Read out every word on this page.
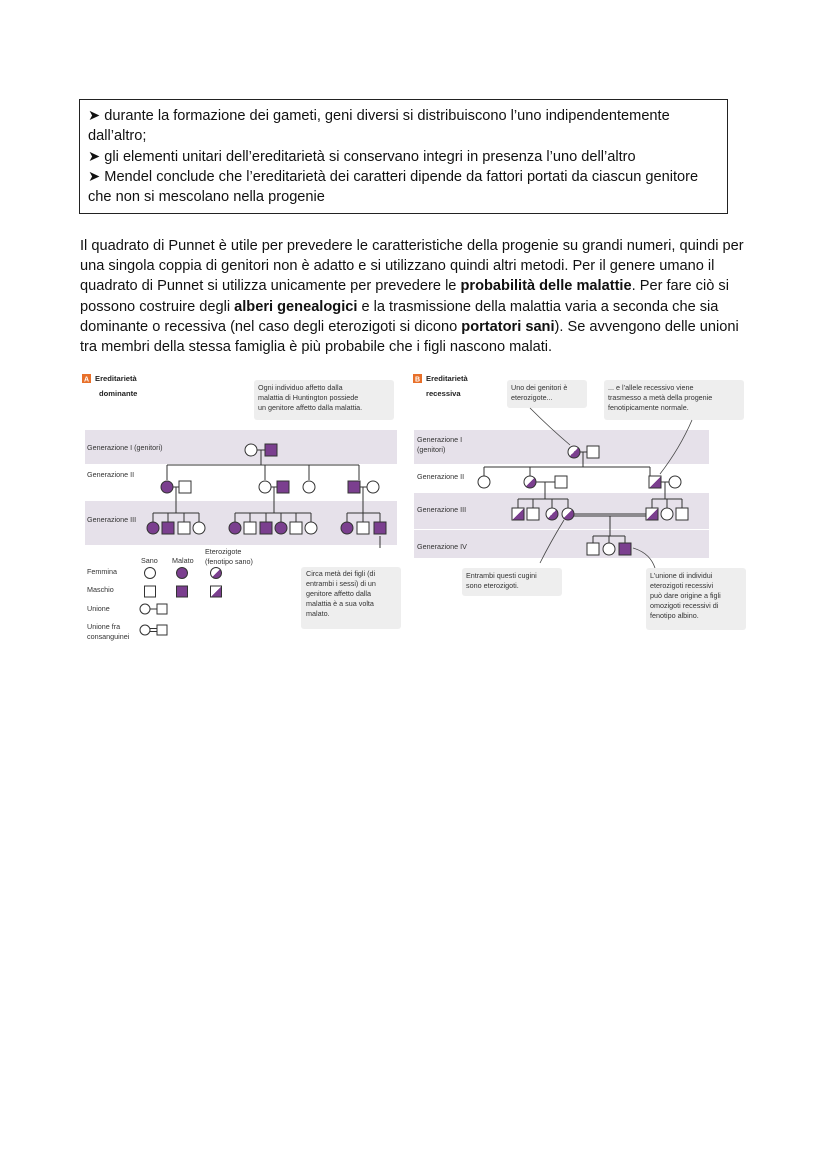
➤ durante la formazione dei gameti, geni diversi si distribuiscono l’uno indipendentemente dall’altro;

➤ gli elementi unitari dell’ereditarietà si conservano integri in presenza l’uno dell’altro

➤ Mendel conclude che l’ereditarietà dei caratteri dipende da fattori portati da ciascun genitore che non si mescolano nella progenie

Il quadrato di Punnet è utile per prevedere le caratteristiche della progenie su grandi numeri, quindi per una singola coppia di genitori non è adatto e si utilizzano quindi altri metodi. Per il genere umano il quadrato di Punnet si utilizza unicamente per prevedere le probabilità delle malattie. Per fare ciò si possono costruire degli alberi genealogici e la trasmissione della malattia varia a seconda che sia dominante o recessiva (nel caso degli eterozigoti si dicono portatori sani). Se avvengono delle unioni tra membri della stessa famiglia è più probabile che i figli nascono malati.

A Ereditarietà
dominante
Ogni individuo affetto dalla
malattia di Huntington possiede
un genitore affetto dalla malattia.
Generazione I (genitori)
Generazione II
Generazione III
Sano Malato
Eterozigote
(fenotipo sano)
Femmina
Maschio
Unione
Unione fra
consanguinei
Circa metà dei figli (di
entrambi i sessi) di un
genitore affetto dalla
malattia è a sua volta
malato.
B Ereditarietà
recessiva
Uno dei genitori è
eterozigote...
... e l’allele recessivo viene
trasmesso a metà della progenie
fenotipicamente normale.
Generazione I
(genitori)
Generazione II
Generazione III
Generazione IV
Entrambi questi cugini
sono eterozigoti.
L’unione di individui
eterozigoti recessivi
può dare origine a figli
omozigoti recessivi di
fenotipo albino.
